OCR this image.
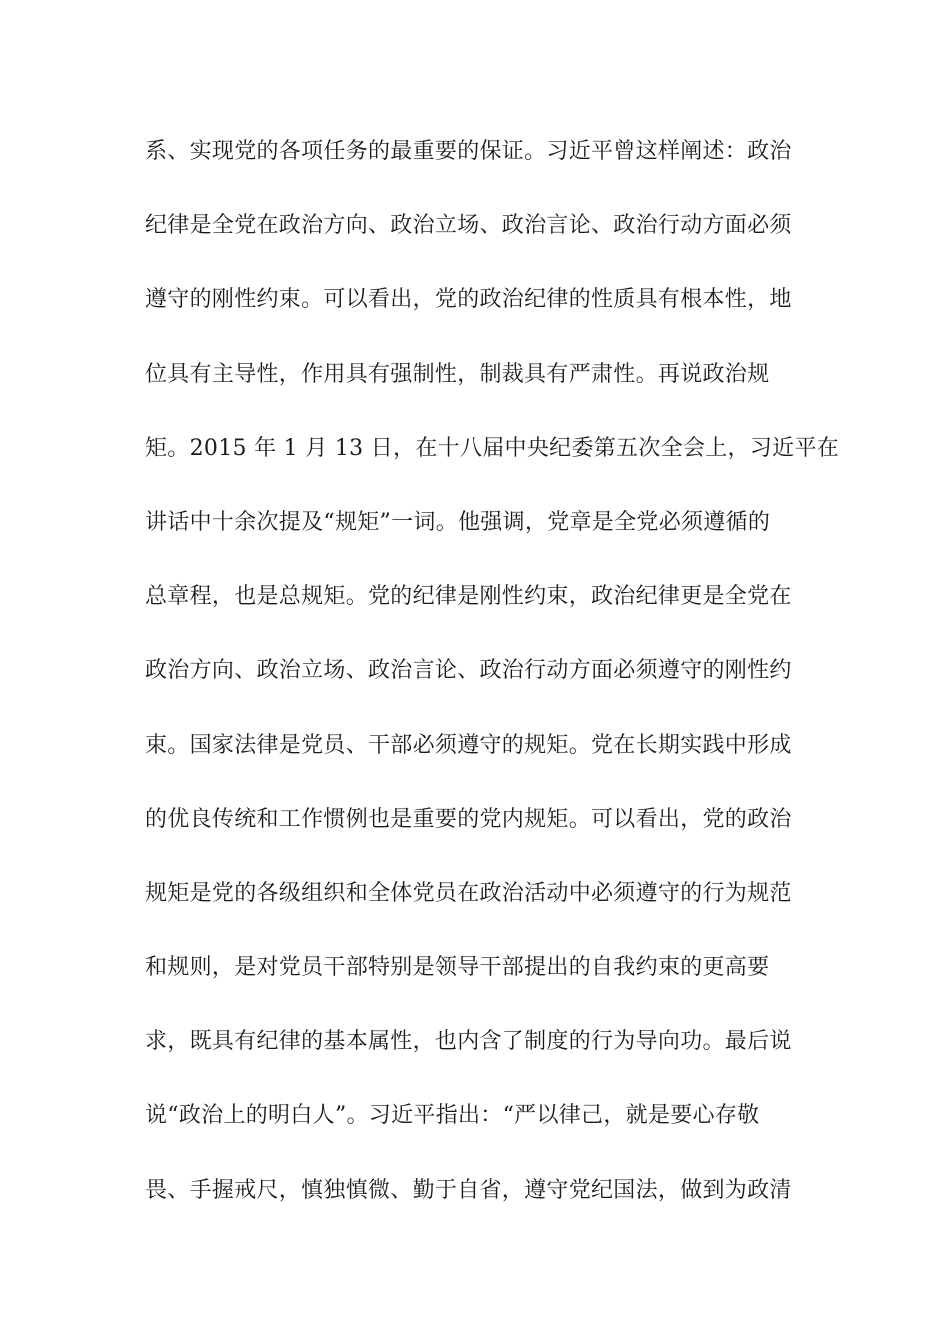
系、实现党的各项任务的最重要的保证。习近平曾这样阐述：政治
纪律是全党在政治方向、政治立场、政治言论、政治行动方面必须
遵守的刚性约束。可以看出，党的政治纪律的性质具有根本性，地
位具有主导性，作用具有强制性，制裁具有严肃性。再说政治规
矩。2015 年 1 月 13 日，在十八届中央纪委第五次全会上，习近平在
讲话中十余次提及“规矩”一词。他强调，党章是全党必须遵循的
总章程，也是总规矩。党的纪律是刚性约束，政治纪律更是全党在
政治方向、政治立场、政治言论、政治行动方面必须遵守的刚性约
束。国家法律是党员、干部必须遵守的规矩。党在长期实践中形成
的优良传统和工作惯例也是重要的党内规矩。可以看出，党的政治
规矩是党的各级组织和全体党员在政治活动中必须遵守的行为规范
和规则，是对党员干部特别是领导干部提出的自我约束的更高要
求，既具有纪律的基本属性，也内含了制度的行为导向功。最后说
说“政治上的明白人”。习近平指出：“严以律己，就是要心存敬
畏、手握戒尺，慎独慎微、勤于自省，遵守党纪国法，做到为政清
